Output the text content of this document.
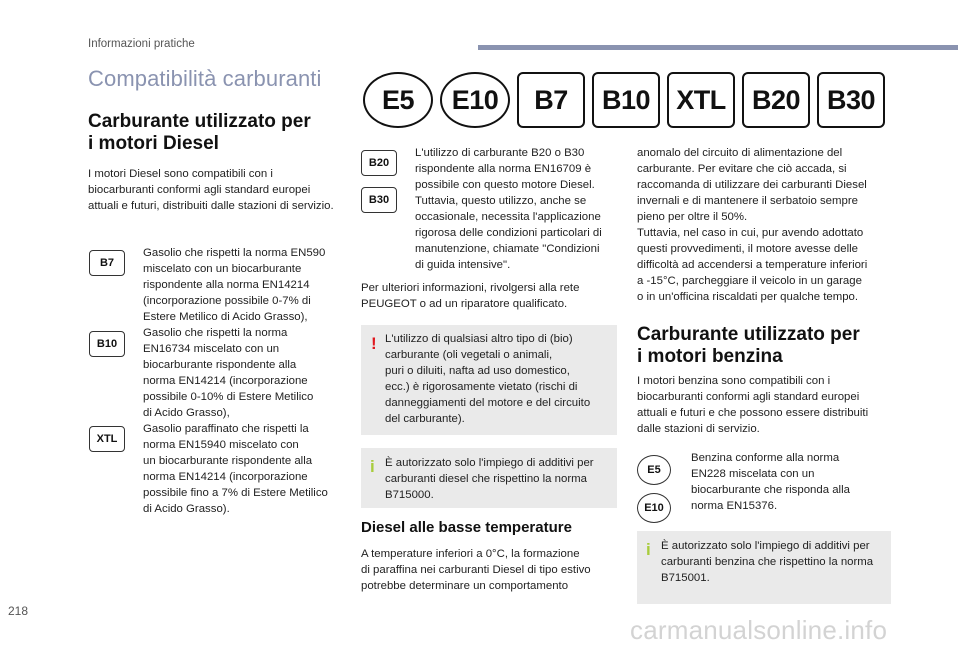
Informazioni pratiche
Compatibilità carburanti
E5	E10	B7	B10 XTL B20 B30
Carburante utilizzato per
i motori Diesel
I motori Diesel sono compatibili con i
biocarburanti conformi agli standard europei
attuali e futuri, distribuiti dalle stazioni di servizio.
B7
Gasolio che rispetti la norma EN590
miscelato con un biocarburante
rispondente alla norma EN14214
(incorporazione possibile 0-7% di
Estere Metilico di Acido Grasso),
B10
Gasolio che rispetti la norma
EN16734 miscelato con un
biocarburante rispondente alla
norma EN14214 (incorporazione
possibile 0-10% di Estere Metilico
di Acido Grasso),
XTL
Gasolio paraffinato che rispetti la
norma EN15940 miscelato con
un biocarburante rispondente alla
norma EN14214 (incorporazione
possibile fino a 7% di Estere Metilico
di Acido Grasso).
B20
B30
L'utilizzo di carburante B20 o B30
rispondente alla norma EN16709 è
possibile con questo motore Diesel.
Tuttavia, questo utilizzo, anche se
occasionale, necessita l'applicazione
rigorosa delle condizioni particolari di
manutenzione, chiamate "Condizioni
di guida intensive".
Per ulteriori informazioni, rivolgersi alla rete
PEUGEOT o ad un riparatore qualificato.
! L'utilizzo di qualsiasi altro tipo di (bio)
carburante (oli vegetali o animali,
puri o diluiti, nafta ad uso domestico,
ecc.) è rigorosamente vietato (rischi di
danneggiamenti del motore e del circuito
del carburante).
i È autorizzato solo l'impiego di additivi per
carburanti diesel che rispettino la norma
B715000.
Diesel alle basse temperature
A temperature inferiori a 0°C, la formazione
di paraffina nei carburanti Diesel di tipo estivo
potrebbe determinare un comportamento
anomalo del circuito di alimentazione del
carburante. Per evitare che ciò accada, si
raccomanda di utilizzare dei carburanti Diesel
invernali e di mantenere il serbatoio sempre
pieno per oltre il 50%.
Tuttavia, nel caso in cui, pur avendo adottato
questi provvedimenti, il motore avesse delle
difficoltà ad accendersi a temperature inferiori
a -15°C, parcheggiare il veicolo in un garage
o in un'officina riscaldati per qualche tempo.
Carburante utilizzato per
i motori benzina
I motori benzina sono compatibili con i
biocarburanti conformi agli standard europei
attuali e futuri e che possono essere distribuiti
dalle stazioni di servizio.
E5
E10
Benzina conforme alla norma
EN228 miscelata con un
biocarburante che risponda alla
norma EN15376.
i È autorizzato solo l'impiego di additivi per
carburanti benzina che rispettino la norma
B715001.
218
carmanualsonline.info
